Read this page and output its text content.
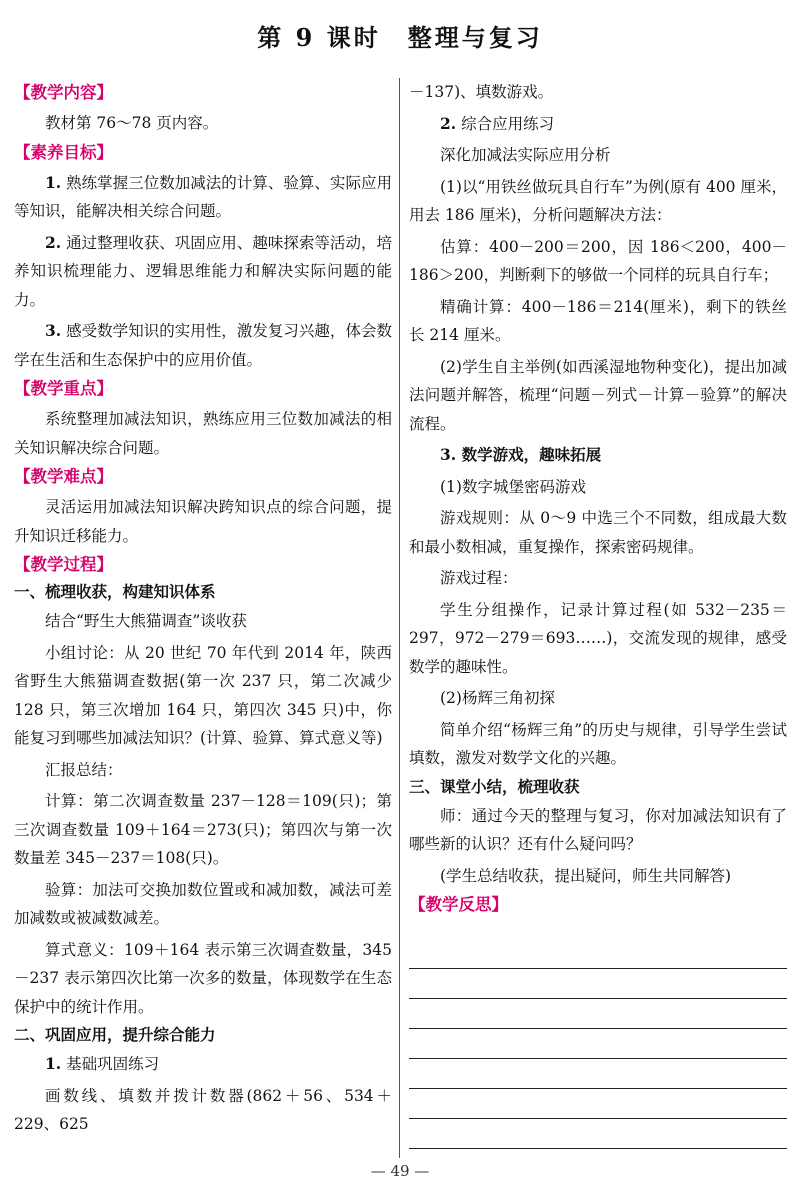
第 9 课时　整理与复习
【教学内容】

教材第 76～78 页内容。

【素养目标】

1. 熟练掌握三位数加减法的计算、验算、实际应用等知识，能解决相关综合问题。

2. 通过整理收获、巩固应用、趣味探索等活动，培养知识梳理能力、逻辑思维能力和解决实际问题的能力。

3. 感受数学知识的实用性，激发复习兴趣，体会数学在生活和生态保护中的应用价值。

【教学重点】

系统整理加减法知识，熟练应用三位数加减法的相关知识解决综合问题。

【教学难点】

灵活运用加减法知识解决跨知识点的综合问题，提升知识迁移能力。

【教学过程】
一、梳理收获，构建知识体系

结合“野生大熊猫调查”谈收获

小组讨论：从 20 世纪 70 年代到 2014 年，陕西省野生大熊猫调查数据(第一次 237 只，第二次减少 128 只，第三次增加 164 只，第四次 345 只)中，你能复习到哪些加减法知识？(计算、验算、算式意义等)

汇报总结：

计算：第二次调查数量 237－128＝109(只)；第三次调查数量 109＋164＝273(只)；第四次与第一次数量差 345－237＝108(只)。

验算：加法可交换加数位置或和减加数，减法可差加减数或被减数减差。

算式意义：109＋164 表示第三次调查数量，345－237 表示第四次比第一次多的数量，体现数学在生态保护中的统计作用。

二、巩固应用，提升综合能力

1. 基础巩固练习

画数线、填数并拨计数器(862＋56、534＋229、625

－137)、填数游戏。

2. 综合应用练习

深化加减法实际应用分析

(1)以“用铁丝做玩具自行车”为例(原有 400 厘米，用去 186 厘米)，分析问题解决方法：

估算：400－200＝200，因 186＜200，400－186＞200，判断剩下的够做一个同样的玩具自行车；

精确计算：400－186＝214(厘米)，剩下的铁丝长 214 厘米。

(2)学生自主举例(如西溪湿地物种变化)，提出加减法问题并解答，梳理“问题－列式－计算－验算”的解决流程。

3. 数学游戏，趣味拓展

(1)数字城堡密码游戏

游戏规则：从 0～9 中选三个不同数，组成最大数和最小数相减，重复操作，探索密码规律。

游戏过程：

学生分组操作，记录计算过程(如 532－235＝297，972－279＝693……)，交流发现的规律，感受数学的趣味性。

(2)杨辉三角初探

简单介绍“杨辉三角”的历史与规律，引导学生尝试填数，激发对数学文化的兴趣。

三、课堂小结，梳理收获

师：通过今天的整理与复习，你对加减法知识有了哪些新的认识？还有什么疑问吗？

(学生总结收获，提出疑问，师生共同解答)

【教学反思】
— 49 —
